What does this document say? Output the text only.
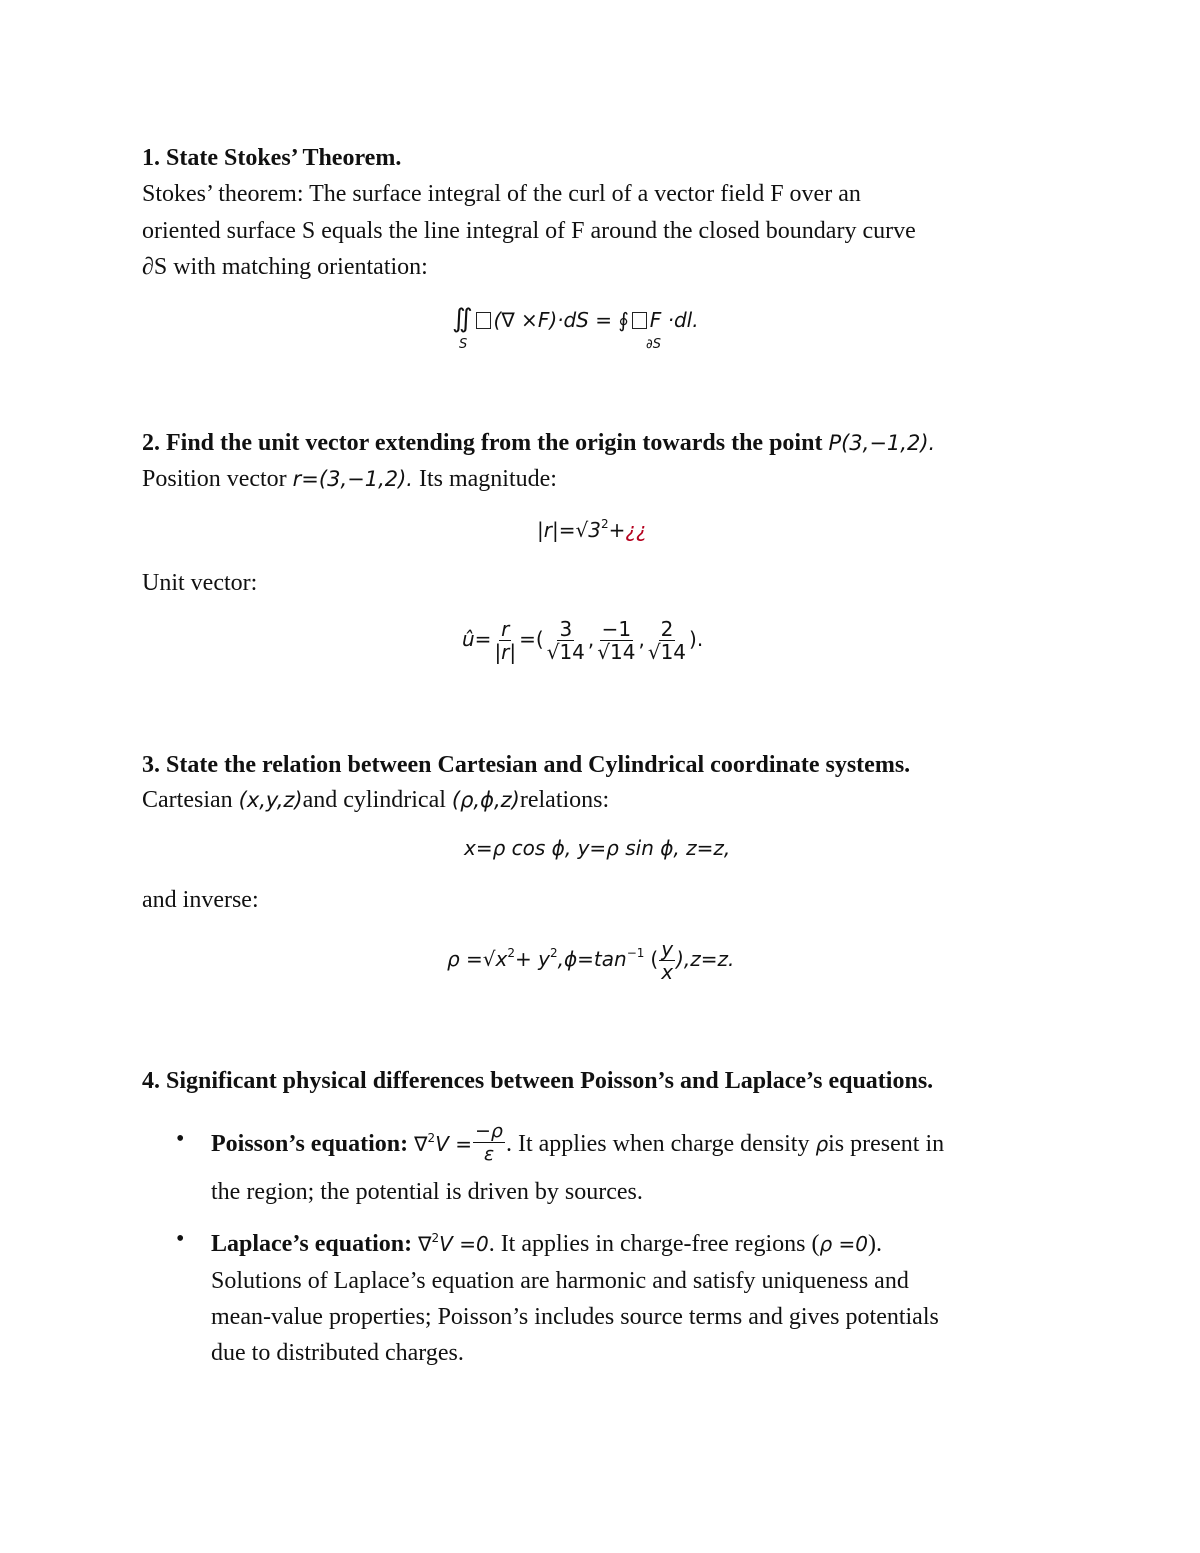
1. State Stokes’ Theorem.
Stokes’ theorem: The surface integral of the curl of a vector field F over an
oriented surface S equals the line integral of F around the closed boundary curve
∂S with matching orientation:
∬ (∇ ×F)·dS = ∮ F ·dl.
S	∂S
2. Find the unit vector extending from the origin towards the point P(3,−1,2).
Position vector r=(3,−1,2). Its magnitude:
$|r|=√3^2+¿¿$
Unit vector:
û= $\frac{r}{|r|}$ =( $\frac{3}{√14}$ , $\frac{-1}{√14}$ , $\frac{2}{√14}$ ).
3. State the relation between Cartesian and Cylindrical coordinate systems.
Cartesian (x,y,z)and cylindrical (ρ,ϕ,z)relations:
x=ρ cos ϕ, y=ρ sin ϕ, z=z,
and inverse:
$\rho =√x^2+ y^2,\phi=\tan^{-1}$ ( $\frac{y}{x} ),z=z$.
4. Significant physical differences between Poisson’s and Laplace’s equations.
• Poisson’s equation: $\nabla^2V = \frac{-\rho}{\varepsilon}$ . It applies when charge density ρis present in
the region; the potential is driven by sources.
• Laplace’s equation: ∇$^2$V =0. It applies in charge-free regions (ρ =0).
Solutions of Laplace’s equation are harmonic and satisfy uniqueness and
mean-value properties; Poisson’s includes source terms and gives potentials
due to distributed charges.
